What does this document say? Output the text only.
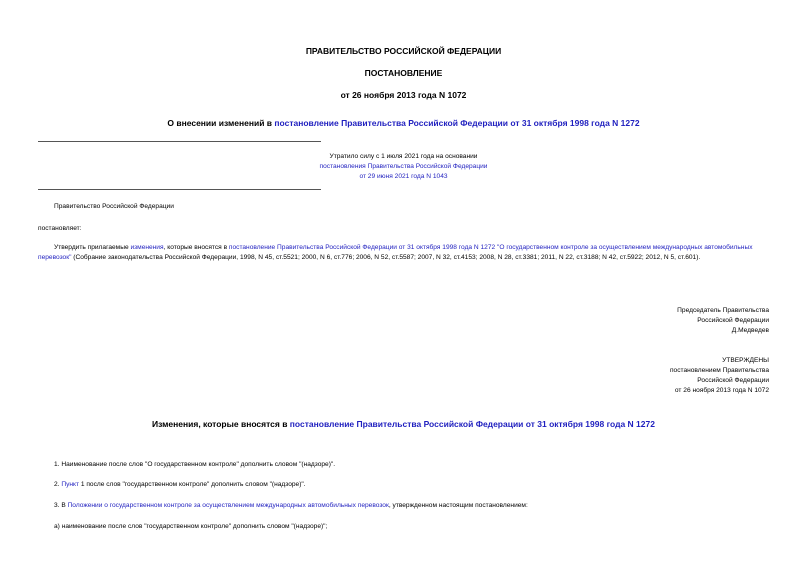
ПРАВИТЕЛЬСТВО РОССИЙСКОЙ ФЕДЕРАЦИИ
ПОСТАНОВЛЕНИЕ
от 26 ноября 2013 года N 1072
О внесении изменений в постановление Правительства Российской Федерации от 31 октября 1998 года N 1272
Утратило силу с 1 июля 2021 года на основании
постановления Правительства Российской Федерации
от 29 июня 2021 года N 1043
Правительство Российской Федерации
постановляет:
Утвердить прилагаемые изменения, которые вносятся в постановление Правительства Российской Федерации от 31 октября 1998 года N 1272 "О государственном контроле за осуществлением международных автомобильных перевозок" (Собрание законодательства Российской Федерации, 1998, N 45, ст.5521; 2000, N 6, ст.776; 2006, N 52, ст.5587; 2007, N 32, ст.4153; 2008, N 28, ст.3381; 2011, N 22, ст.3188; N 42, ст.5922; 2012, N 5, ст.601).
Председатель Правительства
Российской Федерации
Д.Медведев
УТВЕРЖДЕНЫ
постановлением Правительства
Российской Федерации
от 26 ноября 2013 года N 1072
Изменения, которые вносятся в постановление Правительства Российской Федерации от 31 октября 1998 года N 1272
1. Наименование после слов "О государственном контроле" дополнить словом "(надзоре)".
2. Пункт 1 после слов "государственном контроле" дополнить словом "(надзоре)".
3. В Положении о государственном контроле за осуществлением международных автомобильных перевозок, утвержденном настоящим постановлением:
а) наименование после слов "государственном контроле" дополнить словом "(надзоре)";
